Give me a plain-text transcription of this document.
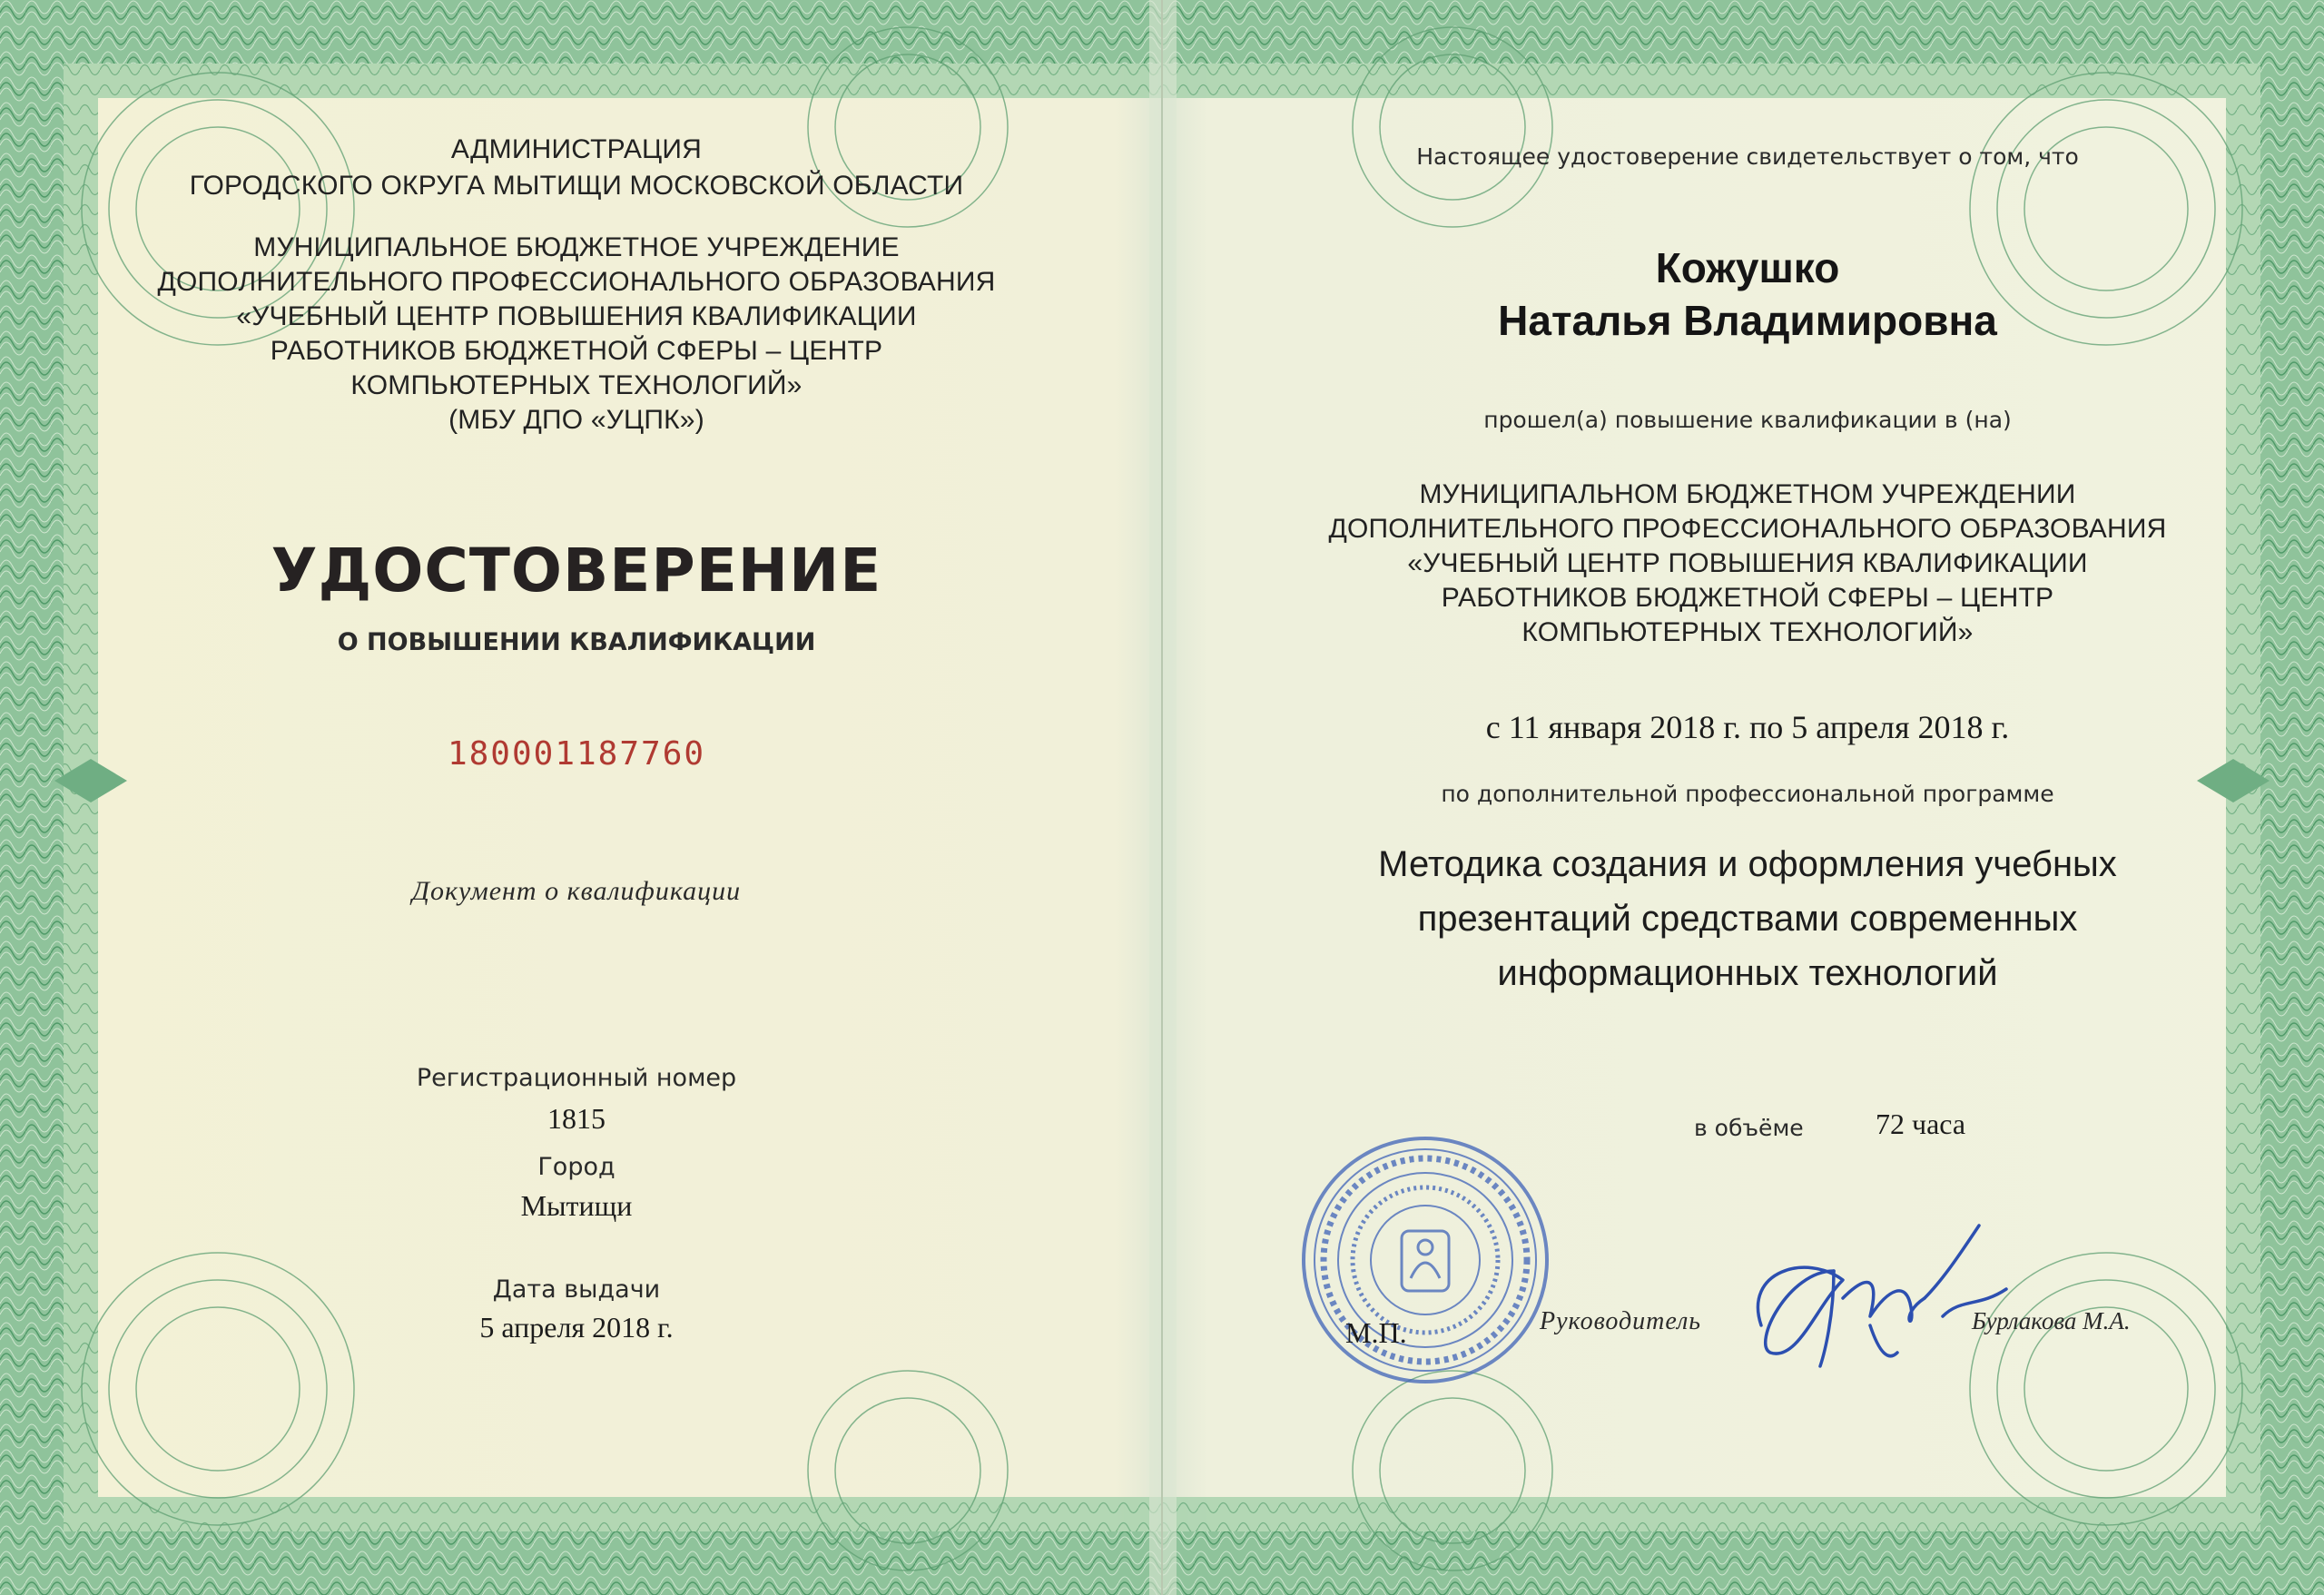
АДМИНИСТРАЦИЯ
ГОРОДСКОГО ОКРУГА МЫТИЩИ МОСКОВСКОЙ ОБЛАСТИ
МУНИЦИПАЛЬНОЕ БЮДЖЕТНОЕ УЧРЕЖДЕНИЕ
ДОПОЛНИТЕЛЬНОГО ПРОФЕССИОНАЛЬНОГО ОБРАЗОВАНИЯ
«УЧЕБНЫЙ ЦЕНТР ПОВЫШЕНИЯ КВАЛИФИКАЦИИ
РАБОТНИКОВ БЮДЖЕТНОЙ СФЕРЫ – ЦЕНТР
КОМПЬЮТЕРНЫХ ТЕХНОЛОГИЙ»
(МБУ ДПО «УЦПК»)
УДОСТОВЕРЕНИЕ
О ПОВЫШЕНИИ КВАЛИФИКАЦИИ
180001187760
Документ о квалификации
Регистрационный номер
1815
Город
Мытищи
Дата выдачи
5 апреля 2018 г.
Настоящее удостоверение свидетельствует о том, что
Кожушко
Наталья Владимировна
прошел(а) повышение квалификации в (на)
МУНИЦИПАЛЬНОМ БЮДЖЕТНОМ УЧРЕЖДЕНИИ
ДОПОЛНИТЕЛЬНОГО ПРОФЕССИОНАЛЬНОГО ОБРАЗОВАНИЯ
«УЧЕБНЫЙ ЦЕНТР ПОВЫШЕНИЯ КВАЛИФИКАЦИИ
РАБОТНИКОВ БЮДЖЕТНОЙ СФЕРЫ – ЦЕНТР
КОМПЬЮТЕРНЫХ ТЕХНОЛОГИЙ»
с 11 января 2018 г. по 5 апреля 2018 г.
по дополнительной профессиональной программе
Методика создания и оформления учебных
презентаций средствами современных
информационных технологий
в объёме 72 часа
М.П.	Руководитель	Бурлакова М.А.
